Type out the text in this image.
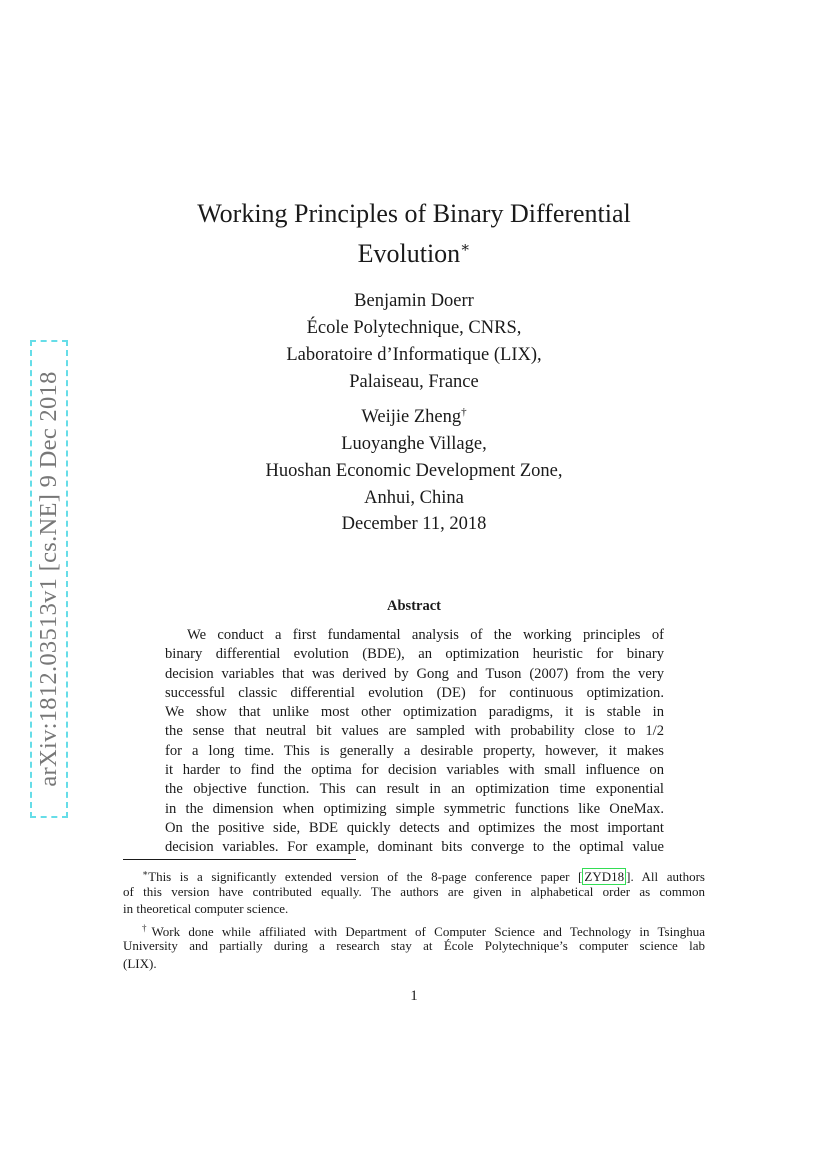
arXiv:1812.03513v1 [cs.NE] 9 Dec 2018
Working Principles of Binary Differential
Evolution∗
Benjamin Doerr
École Polytechnique, CNRS,
Laboratoire d’Informatique (LIX),
Palaiseau, France
Weijie Zheng†
Luoyanghe Village,
Huoshan Economic Development Zone,
Anhui, China
December 11, 2018
Abstract
We conduct a first fundamental analysis of the working principles of
binary differential evolution (BDE), an optimization heuristic for binary
decision variables that was derived by Gong and Tuson (2007) from the very
successful classic differential evolution (DE) for continuous optimization.
We show that unlike most other optimization paradigms, it is stable in
the sense that neutral bit values are sampled with probability close to 1/2
for a long time. This is generally a desirable property, however, it makes
it harder to find the optima for decision variables with small influence on
the objective function. This can result in an optimization time exponential
in the dimension when optimizing simple symmetric functions like OneMax.
On the positive side, BDE quickly detects and optimizes the most important
decision variables. For example, dominant bits converge to the optimal value
∗This is a significantly extended version of the 8-page conference paper [ ZYD18 ]. All authors
of this version have contributed equally. The authors are given in alphabetical order as common
in theoretical computer science.
†Work done while affiliated with Department of Computer Science and Technology in Tsinghua
University and partially during a research stay at École Polytechnique’s computer science lab
(LIX).
1
